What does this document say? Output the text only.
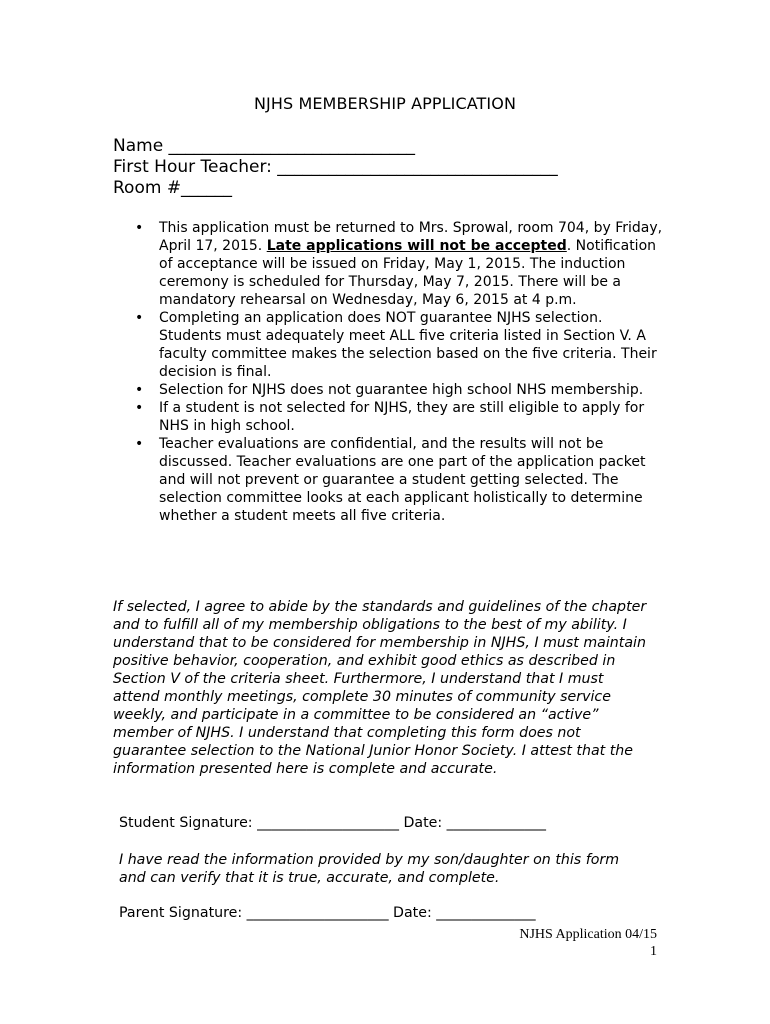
NJHS MEMBERSHIP APPLICATION
Name _____________________________
First Hour Teacher: _________________________________
Room #______
• This application must be returned to Mrs. Sprowal, room 704, by Friday, April 17, 2015. Late applications will not be accepted. Notification of acceptance will be issued on Friday, May 1, 2015. The induction ceremony is scheduled for Thursday, May 7, 2015. There will be a mandatory rehearsal on Wednesday, May 6, 2015 at 4 p.m.
• Completing an application does NOT guarantee NJHS selection. Students must adequately meet ALL five criteria listed in Section V. A faculty committee makes the selection based on the five criteria. Their decision is final.
• Selection for NJHS does not guarantee high school NHS membership.
• If a student is not selected for NJHS, they are still eligible to apply for NHS in high school.
• Teacher evaluations are confidential, and the results will not be discussed. Teacher evaluations are one part of the application packet and will not prevent or guarantee a student getting selected. The selection committee looks at each applicant holistically to determine whether a student meets all five criteria.
If selected, I agree to abide by the standards and guidelines of the chapter and to fulfill all of my membership obligations to the best of my ability. I understand that to be considered for membership in NJHS, I must maintain positive behavior, cooperation, and exhibit good ethics as described in Section V of the criteria sheet. Furthermore, I understand that I must attend monthly meetings, complete 30 minutes of community service weekly, and participate in a committee to be considered an “active” member of NJHS. I understand that completing this form does not guarantee selection to the National Junior Honor Society. I attest that the information presented here is complete and accurate.
Student Signature: ____________________ Date: ______________
I have read the information provided by my son/daughter on this form and can verify that it is true, accurate, and complete.
Parent Signature: ____________________ Date: ______________
NJHS Application 04/15
1
